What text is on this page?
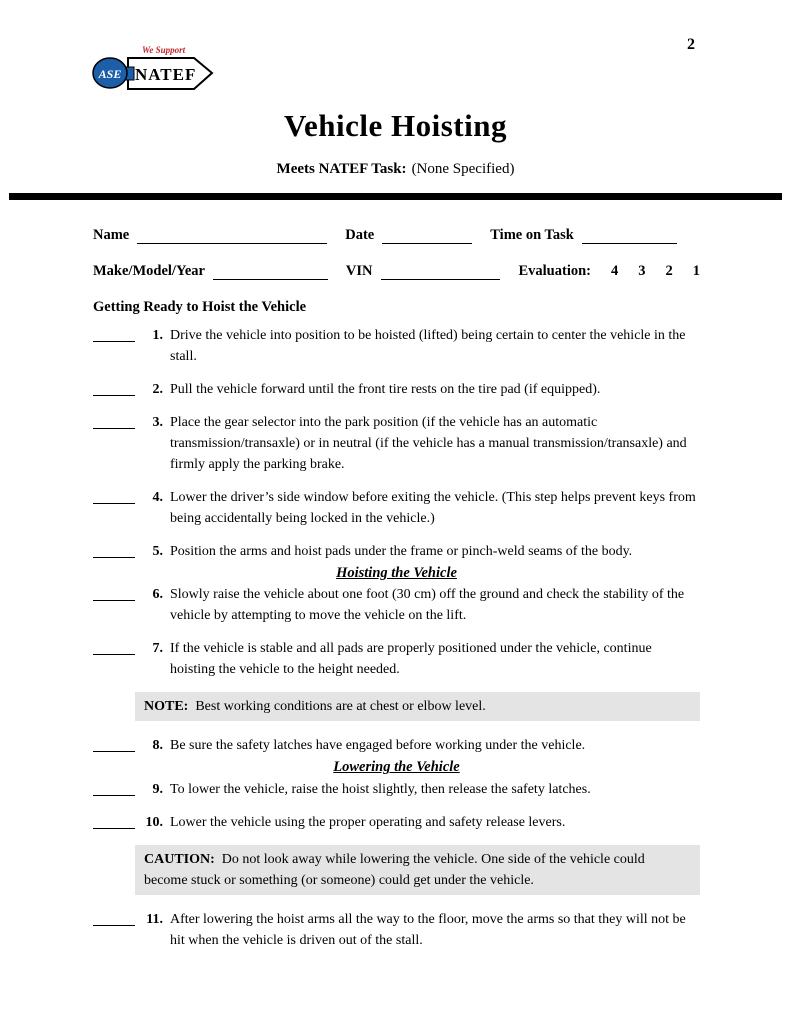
We Support
NATEF
ASE
2
Vehicle Hoisting
Meets NATEF Task: (None Specified)
Name	Date	Time on Task
Make/Model/Year	VIN	Evaluation: 4 3 2 1
Getting Ready to Hoist the Vehicle
1. Drive the vehicle into position to be hoisted (lifted) being certain to center the vehicle in the stall.
2. Pull the vehicle forward until the front tire rests on the tire pad (if equipped).
3. Place the gear selector into the park position (if the vehicle has an automatic transmission/transaxle) or in neutral (if the vehicle has a manual transmission/transaxle) and firmly apply the parking brake.
4. Lower the driver’s side window before exiting the vehicle. (This step helps prevent keys from being accidentally being locked in the vehicle.)
5. Position the arms and hoist pads under the frame or pinch-weld seams of the body.
Hoisting the Vehicle
6. Slowly raise the vehicle about one foot (30 cm) off the ground and check the stability of the vehicle by attempting to move the vehicle on the lift.
7. If the vehicle is stable and all pads are properly positioned under the vehicle, continue hoisting the vehicle to the height needed.
NOTE: Best working conditions are at chest or elbow level.
8. Be sure the safety latches have engaged before working under the vehicle.
Lowering the Vehicle
9. To lower the vehicle, raise the hoist slightly, then release the safety latches.
10. Lower the vehicle using the proper operating and safety release levers.
CAUTION: Do not look away while lowering the vehicle. One side of the vehicle could become stuck or something (or someone) could get under the vehicle.
11. After lowering the hoist arms all the way to the floor, move the arms so that they will not be hit when the vehicle is driven out of the stall.
